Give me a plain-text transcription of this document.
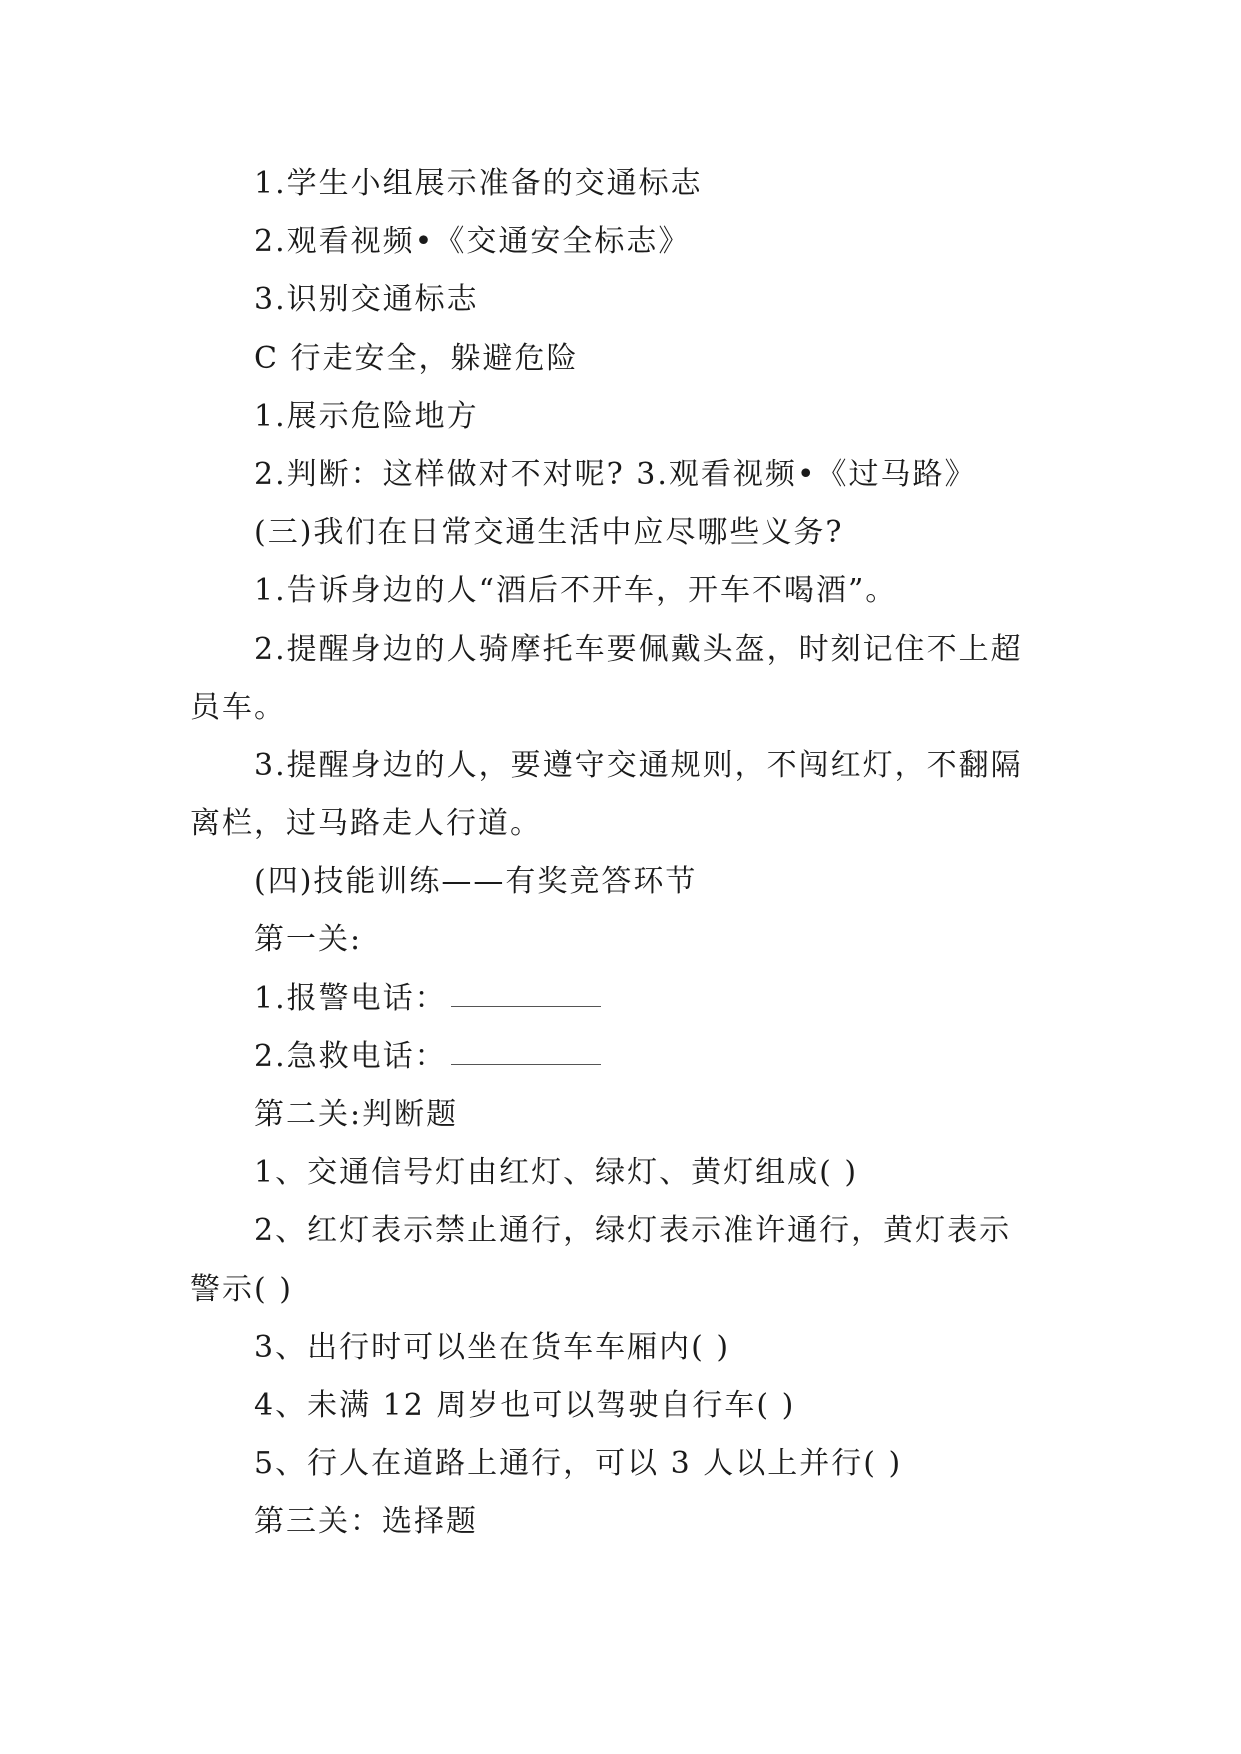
1.学生小组展示准备的交通标志
2.观看视频•《交通安全标志》
3.识别交通标志
C 行走安全，躲避危险
1.展示危险地方
2.判断：这样做对不对呢? 3.观看视频•《过马路》
(三)我们在日常交通生活中应尽哪些义务?
1.告诉身边的人“酒后不开车，开车不喝酒”。
2.提醒身边的人骑摩托车要佩戴头盔，时刻记住不上超
员车。
3.提醒身边的人，要遵守交通规则，不闯红灯，不翻隔
离栏，过马路走人行道。
(四)技能训练——有奖竞答环节
第一关:
1.报警电话：
2.急救电话：
第二关:判断题
1、交通信号灯由红灯、绿灯、黄灯组成( )
2、红灯表示禁止通行，绿灯表示准许通行，黄灯表示
警示( )
3、出行时可以坐在货车车厢内( )
4、未满 12 周岁也可以驾驶自行车( )
5、行人在道路上通行，可以 3 人以上并行( )
第三关：选择题
